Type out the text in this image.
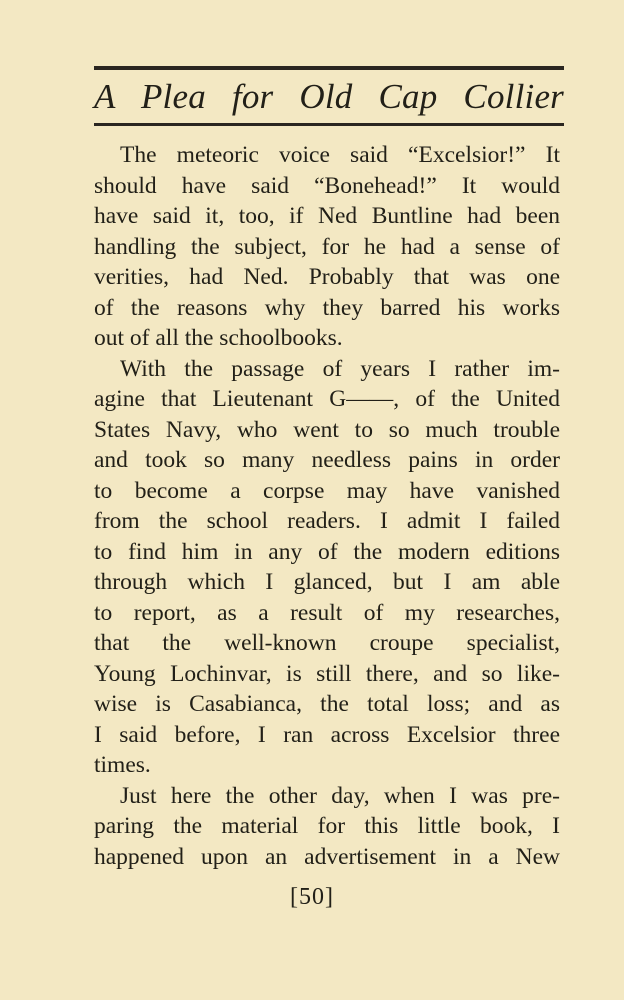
A Plea for Old Cap Collier
The meteoric voice said “Excelsior!” It
should have said “Bonehead!” It would
have said it, too, if Ned Buntline had been
handling the subject, for he had a sense of
verities, had Ned. Probably that was one
of the reasons why they barred his works
out of all the schoolbooks.
With the passage of years I rather im-
agine that Lieutenant G——, of the United
States Navy, who went to so much trouble
and took so many needless pains in order
to become a corpse may have vanished
from the school readers. I admit I failed
to find him in any of the modern editions
through which I glanced, but I am able
to report, as a result of my researches,
that the well-known croupe specialist,
Young Lochinvar, is still there, and so like-
wise is Casabianca, the total loss; and as
I said before, I ran across Excelsior three
times.
Just here the other day, when I was pre-
paring the material for this little book, I
happened upon an advertisement in a New
[50]
